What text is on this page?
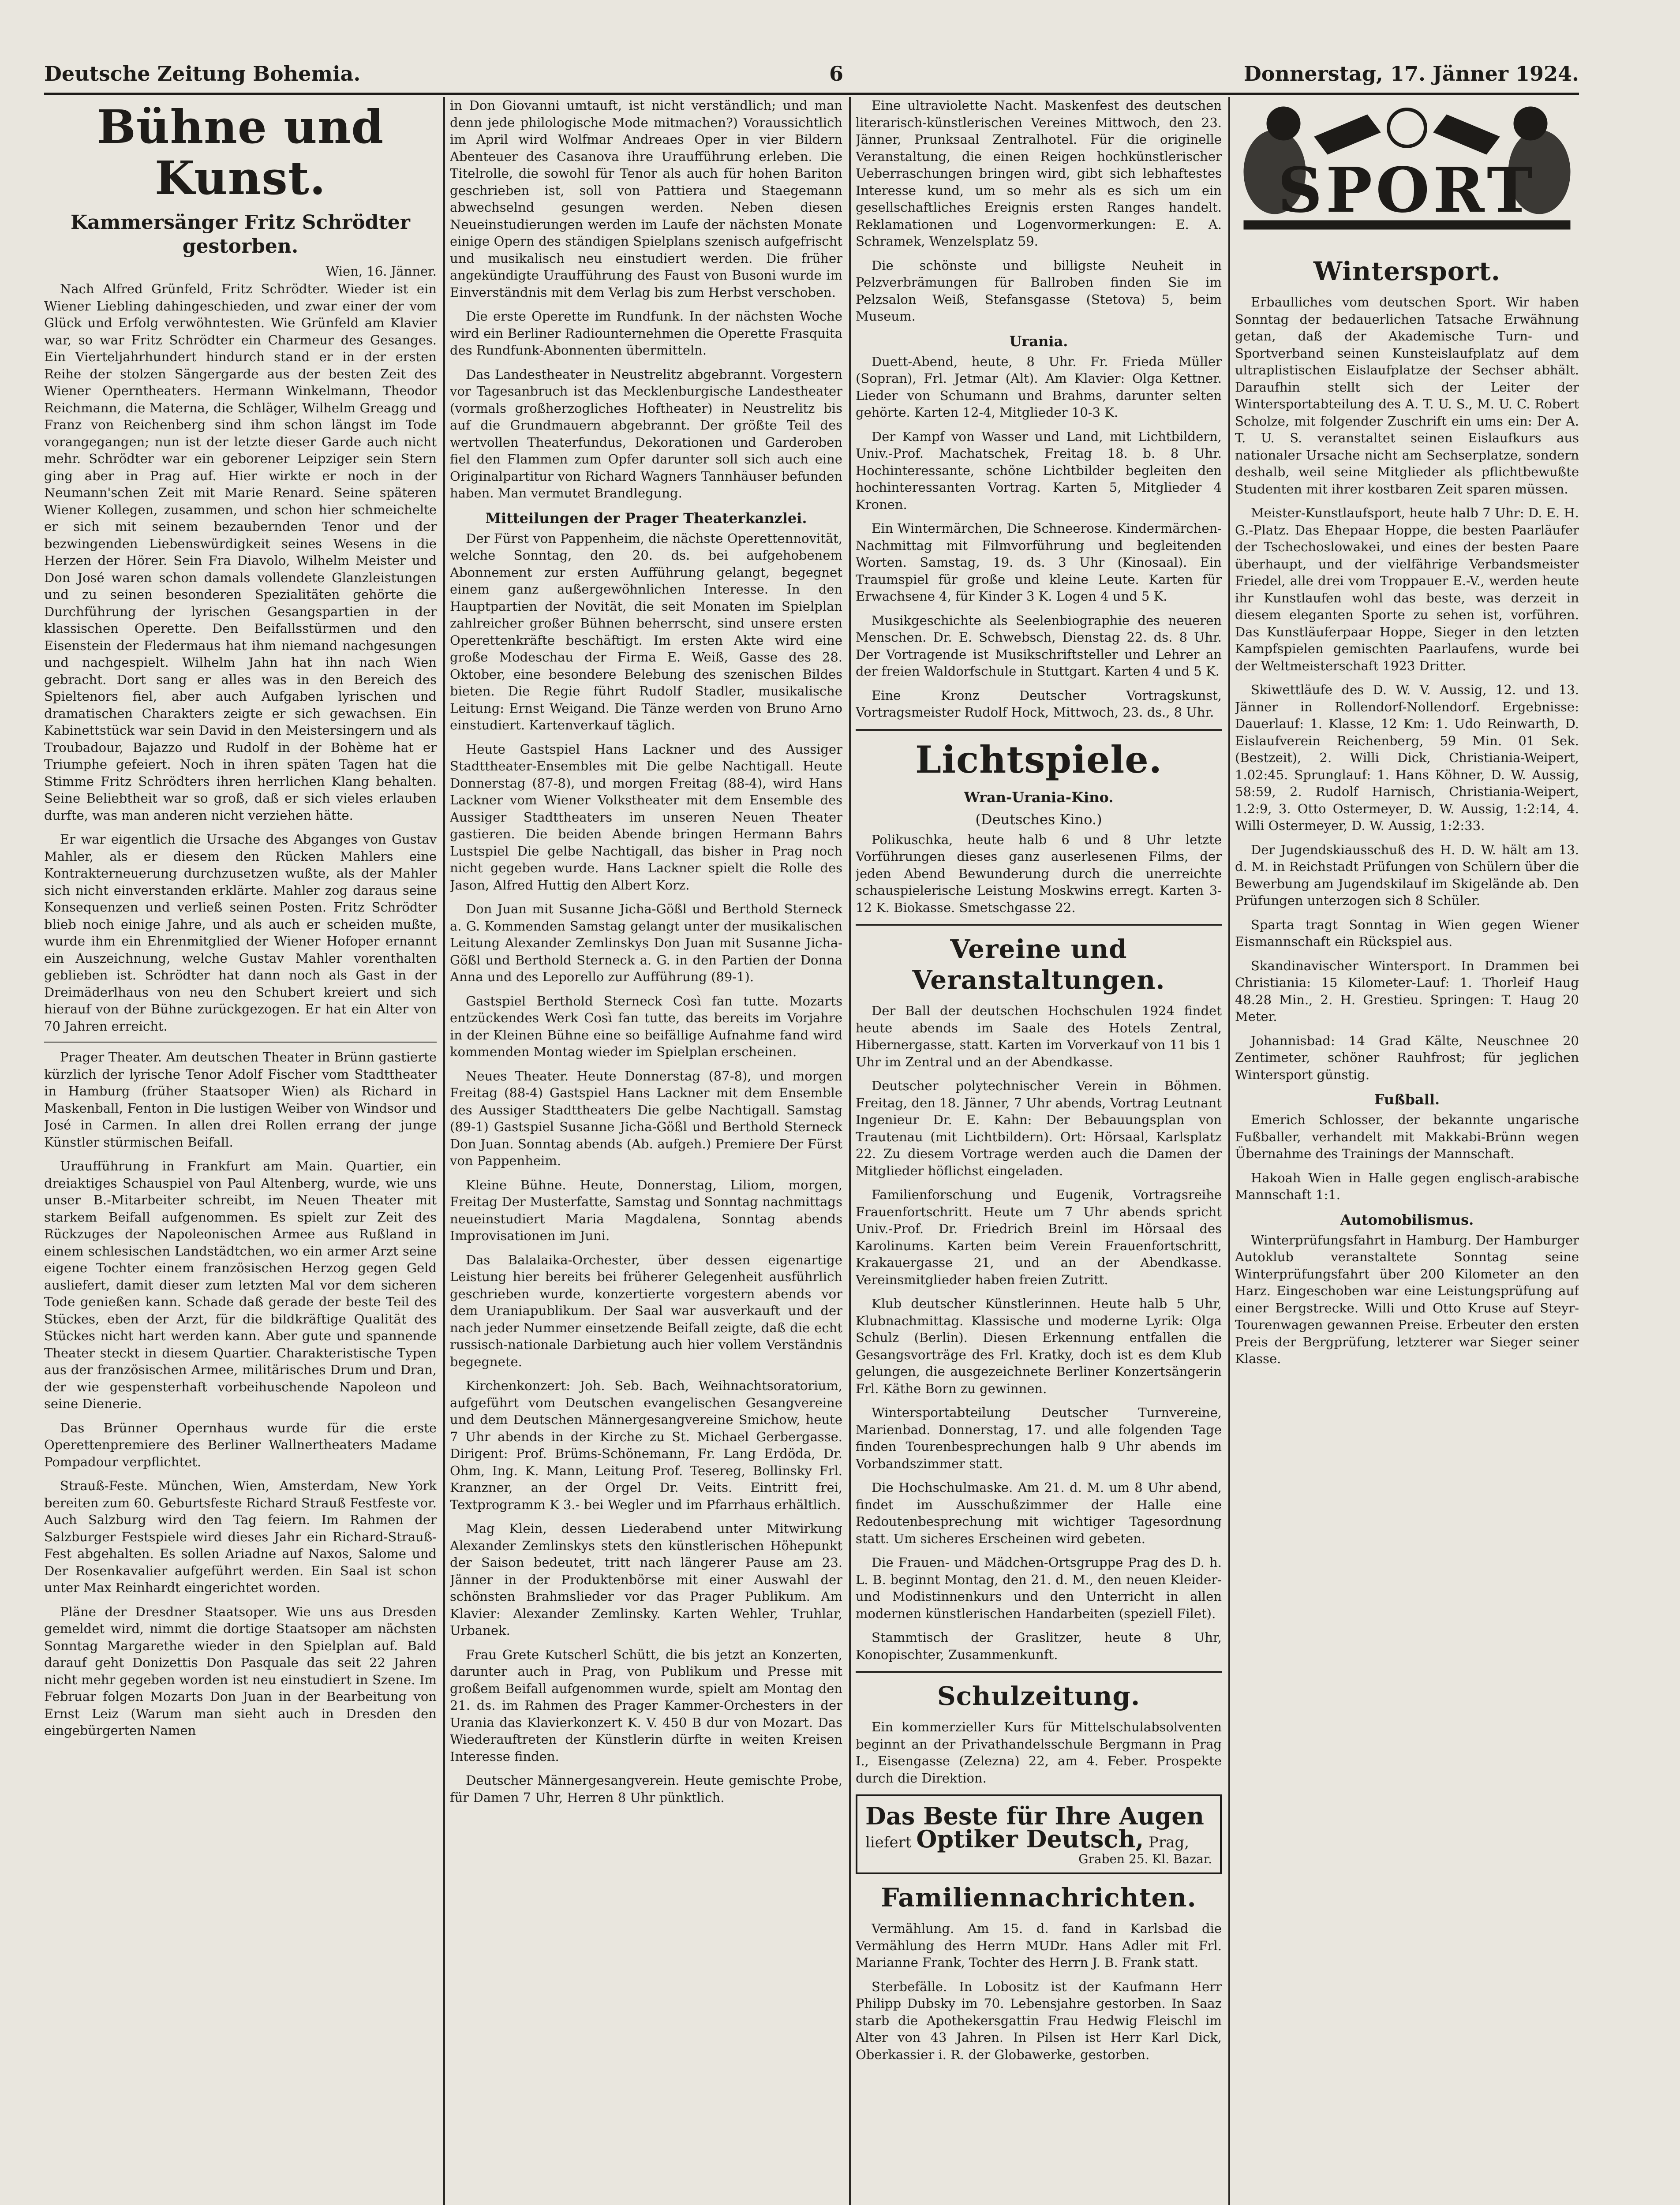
Deutsche Zeitung Bohemia.	6	Donnerstag, 17. Jänner 1924.
Bühne und Kunst.
Kammersänger Fritz Schrödter gestorben.
Wien, 16. Jänner.

Nach Alfred Grünfeld, Fritz Schrödter. Wieder ist ein Wiener Liebling dahingeschieden, und zwar einer der vom Glück und Erfolg verwöhntesten. Wie Grünfeld am Klavier war, so war Fritz Schrödter ein Charmeur des Gesanges. Ein Vierteljahrhundert hindurch stand er in der ersten Reihe der stolzen Sängergarde aus der besten Zeit des Wiener Operntheaters. Hermann Winkelmann, Theodor Reichmann, die Materna, die Schläger, Wilhelm Greagg und Franz von Reichenberg sind ihm schon längst im Tode vorangegangen; nun ist der letzte dieser Garde auch nicht mehr. Schrödter war ein geborener Leipziger sein Stern ging aber in Prag auf. Hier wirkte er noch in der Neumann'schen Zeit mit Marie Renard. Seine späteren Wiener Kollegen, zusammen, und schon hier schmeichelte er sich mit seinem bezaubernden Tenor und der bezwingenden Liebenswürdigkeit seines Wesens in die Herzen der Hörer. Sein Fra Diavolo, Wilhelm Meister und Don José waren schon damals vollendete Glanzleistungen und zu seinen besonderen Spezialitäten gehörte die Durchführung der lyrischen Gesangspartien in der klassischen Operette. Den Beifallsstürmen und den Eisenstein der Fledermaus hat ihm niemand nachgesungen und nachgespielt. Wilhelm Jahn hat ihn nach Wien gebracht. Dort sang er alles was in den Bereich des Spieltenors fiel, aber auch Aufgaben lyrischen und dramatischen Charakters zeigte er sich gewachsen. Ein Kabinettstück war sein David in den Meistersingern und als Troubadour, Bajazzo und Rudolf in der Bohème hat er Triumphe gefeiert. Noch in ihren späten Tagen hat die Stimme Fritz Schrödters ihren herrlichen Klang behalten. Seine Beliebtheit war so groß, daß er sich vieles erlauben durfte, was man anderen nicht verziehen hätte.

Er war eigentlich die Ursache des Abganges von Gustav Mahler, als er diesem den Rücken Mahlers eine Kontrakterneuerung durchzusetzen wußte, als der Mahler sich nicht einverstanden erklärte. Mahler zog daraus seine Konsequenzen und verließ seinen Posten. Fritz Schrödter blieb noch einige Jahre, und als auch er scheiden mußte, wurde ihm ein Ehrenmitglied der Wiener Hofoper ernannt ein Auszeichnung, welche Gustav Mahler vorenthalten geblieben ist. Schrödter hat dann noch als Gast in der Dreimäderlhaus von neu den Schubert kreiert und sich hierauf von der Bühne zurückgezogen. Er hat ein Alter von 70 Jahren erreicht.

Prager Theater. Am deutschen Theater in Brünn gastierte kürzlich der lyrische Tenor Adolf Fischer vom Stadttheater in Hamburg (früher Staatsoper Wien) als Richard in Maskenball, Fenton in Die lustigen Weiber von Windsor und José in Carmen. In allen drei Rollen errang der junge Künstler stürmischen Beifall.

Uraufführung in Frankfurt am Main. Quartier, ein dreiaktiges Schauspiel von Paul Altenberg, wurde, wie uns unser B.-Mitarbeiter schreibt, im Neuen Theater mit starkem Beifall aufgenommen. Es spielt zur Zeit des Rückzuges der Napoleonischen Armee aus Rußland in einem schlesischen Landstädtchen, wo ein armer Arzt seine eigene Tochter einem französischen Herzog gegen Geld ausliefert, damit dieser zum letzten Mal vor dem sicheren Tode genießen kann. Schade daß gerade der beste Teil des Stückes, eben der Arzt, für die bildkräftige Qualität des Stückes nicht hart werden kann. Aber gute und spannende Theater steckt in diesem Quartier. Charakteristische Typen aus der französischen Armee, militärisches Drum und Dran, der wie gespensterhaft vorbeihuschende Napoleon und seine Dienerie.

Das Brünner Opernhaus wurde für die erste Operettenpremiere des Berliner Wallnertheaters Madame Pompadour verpflichtet.

Strauß-Feste. München, Wien, Amsterdam, New York bereiten zum 60. Geburtsfeste Richard Strauß Festfeste vor. Auch Salzburg wird den Tag feiern. Im Rahmen der Salzburger Festspiele wird dieses Jahr ein Richard-Strauß-Fest abgehalten. Es sollen Ariadne auf Naxos, Salome und Der Rosenkavalier aufgeführt werden. Ein Saal ist schon unter Max Reinhardt eingerichtet worden.

Pläne der Dresdner Staatsoper. Wie uns aus Dresden gemeldet wird, nimmt die dortige Staatsoper am nächsten Sonntag Margarethe wieder in den Spielplan auf. Bald darauf geht Donizettis Don Pasquale das seit 22 Jahren nicht mehr gegeben worden ist neu einstudiert in Szene. Im Februar folgen Mozarts Don Juan in der Bearbeitung von Ernst Leiz (Warum man sieht auch in Dresden den eingebürgerten Namen

in Don Giovanni umtauft, ist nicht verständlich; und man denn jede philologische Mode mitmachen?) Voraussichtlich im April wird Wolfmar Andreaes Oper in vier Bildern Abenteuer des Casanova ihre Uraufführung erleben. Die Titelrolle, die sowohl für Tenor als auch für hohen Bariton geschrieben ist, soll von Pattiera und Staegemann abwechselnd gesungen werden. Neben diesen Neueinstudierungen werden im Laufe der nächsten Monate einige Opern des ständigen Spielplans szenisch aufgefrischt und musikalisch neu einstudiert werden. Die früher angekündigte Uraufführung des Faust von Busoni wurde im Einverständnis mit dem Verlag bis zum Herbst verschoben.

Die erste Operette im Rundfunk. In der nächsten Woche wird ein Berliner Radiounternehmen die Operette Frasquita des Rundfunk-Abonnenten übermitteln.

Das Landestheater in Neustrelitz abgebrannt. Vorgestern vor Tagesanbruch ist das Mecklenburgische Landestheater (vormals großherzogliches Hoftheater) in Neustrelitz bis auf die Grundmauern abgebrannt. Der größte Teil des wertvollen Theaterfundus, Dekorationen und Garderoben fiel den Flammen zum Opfer darunter soll sich auch eine Originalpartitur von Richard Wagners Tannhäuser befunden haben. Man vermutet Brandlegung.

Mitteilungen der Prager Theaterkanzlei.

Der Fürst von Pappenheim, die nächste Operettennovität, welche Sonntag, den 20. ds. bei aufgehobenem Abonnement zur ersten Aufführung gelangt, begegnet einem ganz außergewöhnlichen Interesse. In den Hauptpartien der Novität, die seit Monaten im Spielplan zahlreicher großer Bühnen beherrscht, sind unsere ersten Operettenkräfte beschäftigt. Im ersten Akte wird eine große Modeschau der Firma E. Weiß, Gasse des 28. Oktober, eine besondere Belebung des szenischen Bildes bieten. Die Regie führt Rudolf Stadler, musikalische Leitung: Ernst Weigand. Die Tänze werden von Bruno Arno einstudiert. Kartenverkauf täglich.

Heute Gastspiel Hans Lackner und des Aussiger Stadttheater-Ensembles mit Die gelbe Nachtigall. Heute Donnerstag (87-8), und morgen Freitag (88-4), wird Hans Lackner vom Wiener Volkstheater mit dem Ensemble des Aussiger Stadttheaters im unseren Neuen Theater gastieren. Die beiden Abende bringen Hermann Bahrs Lustspiel Die gelbe Nachtigall, das bisher in Prag noch nicht gegeben wurde. Hans Lackner spielt die Rolle des Jason, Alfred Huttig den Albert Korz.

Don Juan mit Susanne Jicha-Gößl und Berthold Sterneck a. G. Kommenden Samstag gelangt unter der musikalischen Leitung Alexander Zemlinskys Don Juan mit Susanne Jicha-Gößl und Berthold Sterneck a. G. in den Partien der Donna Anna und des Leporello zur Aufführung (89-1).

Gastspiel Berthold Sterneck Così fan tutte. Mozarts entzückendes Werk Così fan tutte, das bereits im Vorjahre in der Kleinen Bühne eine so beifällige Aufnahme fand wird kommenden Montag wieder im Spielplan erscheinen.

Neues Theater. Heute Donnerstag (87-8), und morgen Freitag (88-4) Gastspiel Hans Lackner mit dem Ensemble des Aussiger Stadttheaters Die gelbe Nachtigall. Samstag (89-1) Gastspiel Susanne Jicha-Gößl und Berthold Sterneck Don Juan. Sonntag abends (Ab. aufgeh.) Premiere Der Fürst von Pappenheim.

Kleine Bühne. Heute, Donnerstag, Liliom, morgen, Freitag Der Musterfatte, Samstag und Sonntag nachmittags neueinstudiert Maria Magdalena, Sonntag abends Improvisationen im Juni.

Das Balalaika-Orchester, über dessen eigenartige Leistung hier bereits bei früherer Gelegenheit ausführlich geschrieben wurde, konzertierte vorgestern abends vor dem Uraniapublikum. Der Saal war ausverkauft und der nach jeder Nummer einsetzende Beifall zeigte, daß die echt russisch-nationale Darbietung auch hier vollem Verständnis begegnete.

Kirchenkonzert: Joh. Seb. Bach, Weihnachtsoratorium, aufgeführt vom Deutschen evangelischen Gesangvereine und dem Deutschen Männergesangvereine Smichow, heute 7 Uhr abends in der Kirche zu St. Michael Gerbergasse. Dirigent: Prof. Brüms-Schönemann, Fr. Lang Erdöda, Dr. Ohm, Ing. K. Mann, Leitung Prof. Tesereg, Bollinsky Frl. Kranzner, an der Orgel Dr. Veits. Eintritt frei, Textprogramm K 3.- bei Wegler und im Pfarrhaus erhältlich.

Mag Klein, dessen Liederabend unter Mitwirkung Alexander Zemlinskys stets den künstlerischen Höhepunkt der Saison bedeutet, tritt nach längerer Pause am 23. Jänner in der Produktenbörse mit einer Auswahl der schönsten Brahmslieder vor das Prager Publikum. Am Klavier: Alexander Zemlinsky. Karten Wehler, Truhlar, Urbanek.

Frau Grete Kutscherl Schütt, die bis jetzt an Konzerten, darunter auch in Prag, von Publikum und Presse mit großem Beifall aufgenommen wurde, spielt am Montag den 21. ds. im Rahmen des Prager Kammer-Orchesters in der Urania das Klavierkonzert K. V. 450 B dur von Mozart. Das Wiederauftreten der Künstlerin dürfte in weiten Kreisen Interesse finden.

Deutscher Männergesangverein. Heute gemischte Probe, für Damen 7 Uhr, Herren 8 Uhr pünktlich.

Eine ultraviolette Nacht. Maskenfest des deutschen literarisch-künstlerischen Vereines Mittwoch, den 23. Jänner, Prunksaal Zentralhotel. Für die originelle Veranstaltung, die einen Reigen hochkünstlerischer Ueberraschungen bringen wird, gibt sich lebhaftestes Interesse kund, um so mehr als es sich um ein gesellschaftliches Ereignis ersten Ranges handelt. Reklamationen und Logenvormerkungen: E. A. Schramek, Wenzelsplatz 59.

Die schönste und billigste Neuheit in Pelzverbrämungen für Ballroben finden Sie im Pelzsalon Weiß, Stefansgasse (Stetova) 5, beim Museum.

Urania.

Duett-Abend, heute, 8 Uhr. Fr. Frieda Müller (Sopran), Frl. Jetmar (Alt). Am Klavier: Olga Kettner. Lieder von Schumann und Brahms, darunter selten gehörte. Karten 12-4, Mitglieder 10-3 K.

Der Kampf von Wasser und Land, mit Lichtbildern, Univ.-Prof. Machatschek, Freitag 18. b. 8 Uhr. Hochinteressante, schöne Lichtbilder begleiten den hochinteressanten Vortrag. Karten 5, Mitglieder 4 Kronen.

Ein Wintermärchen, Die Schneerose. Kindermärchen-Nachmittag mit Filmvorführung und begleitenden Worten. Samstag, 19. ds. 3 Uhr (Kinosaal). Ein Traumspiel für große und kleine Leute. Karten für Erwachsene 4, für Kinder 3 K. Logen 4 und 5 K.

Musikgeschichte als Seelenbiographie des neueren Menschen. Dr. E. Schwebsch, Dienstag 22. ds. 8 Uhr. Der Vortragende ist Musikschriftsteller und Lehrer an der freien Waldorfschule in Stuttgart. Karten 4 und 5 K.

Eine Kronz Deutscher Vortragskunst, Vortragsmeister Rudolf Hock, Mittwoch, 23. ds., 8 Uhr.

Lichtspiele.
Wran-Urania-Kino.
(Deutsches Kino.)

Polikuschka, heute halb 6 und 8 Uhr letzte Vorführungen dieses ganz auserlesenen Films, der jeden Abend Bewunderung durch die unerreichte schauspielerische Leistung Moskwins erregt. Karten 3-12 K. Biokasse. Smetschgasse 22.

Vereine und Veranstaltungen.

Der Ball der deutschen Hochschulen 1924 findet heute abends im Saale des Hotels Zentral, Hibernergasse, statt. Karten im Vorverkauf von 11 bis 1 Uhr im Zentral und an der Abendkasse.

Deutscher polytechnischer Verein in Böhmen. Freitag, den 18. Jänner, 7 Uhr abends, Vortrag Leutnant Ingenieur Dr. E. Kahn: Der Bebauungsplan von Trautenau (mit Lichtbildern). Ort: Hörsaal, Karlsplatz 22. Zu diesem Vortrage werden auch die Damen der Mitglieder höflichst eingeladen.

Familienforschung und Eugenik, Vortragsreihe Frauenfortschritt. Heute um 7 Uhr abends spricht Univ.-Prof. Dr. Friedrich Breinl im Hörsaal des Karolinums. Karten beim Verein Frauenfortschritt, Krakauergasse 21, und an der Abendkasse. Vereinsmitglieder haben freien Zutritt.

Klub deutscher Künstlerinnen. Heute halb 5 Uhr, Klubnachmittag. Klassische und moderne Lyrik: Olga Schulz (Berlin). Diesen Erkennung entfallen die Gesangsvorträge des Frl. Kratky, doch ist es dem Klub gelungen, die ausgezeichnete Berliner Konzertsängerin Frl. Käthe Born zu gewinnen.

Wintersportabteilung Deutscher Turnvereine, Marienbad. Donnerstag, 17. und alle folgenden Tage finden Tourenbesprechungen halb 9 Uhr abends im Vorbandszimmer statt.

Die Hochschulmaske. Am 21. d. M. um 8 Uhr abend, findet im Ausschußzimmer der Halle eine Redoutenbesprechung mit wichtiger Tagesordnung statt. Um sicheres Erscheinen wird gebeten.

Die Frauen- und Mädchen-Ortsgruppe Prag des D. h. L. B. beginnt Montag, den 21. d. M., den neuen Kleider- und Modistinnenkurs und den Unterricht in allen modernen künstlerischen Handarbeiten (speziell Filet).

Stammtisch der Graslitzer, heute 8 Uhr, Konopischter, Zusammenkunft.

Schulzeitung.

Ein kommerzieller Kurs für Mittelschulabsolventen beginnt an der Privathandelsschule Bergmann in Prag I., Eisengasse (Zelezna) 22, am 4. Feber. Prospekte durch die Direktion.

Das Beste für Ihre Augen
liefert Optiker Deutsch, Prag,
Graben 25. Kl. Bazar.
Familiennachrichten.

Vermählung. Am 15. d. fand in Karlsbad die Vermählung des Herrn MUDr. Hans Adler mit Frl. Marianne Frank, Tochter des Herrn J. B. Frank statt.

Sterbefälle. In Lobositz ist der Kaufmann Herr Philipp Dubsky im 70. Lebensjahre gestorben. In Saaz starb die Apothekersgattin Frau Hedwig Fleischl im Alter von 43 Jahren. In Pilsen ist Herr Karl Dick, Oberkassier i. R. der Globawerke, gestorben.

SPORT
Wintersport.

Erbaulliches vom deutschen Sport. Wir haben Sonntag der bedauerlichen Tatsache Erwähnung getan, daß der Akademische Turn- und Sportverband seinen Kunsteislaufplatz auf dem ultraplistischen Eislaufplatze der Sechser abhält. Daraufhin stellt sich der Leiter der Wintersportabteilung des A. T. U. S., M. U. C. Robert Scholze, mit folgender Zuschrift ein ums ein: Der A. T. U. S. veranstaltet seinen Eislaufkurs aus nationaler Ursache nicht am Sechserplatze, sondern deshalb, weil seine Mitglieder als pflichtbewußte Studenten mit ihrer kostbaren Zeit sparen müssen.

Meister-Kunstlaufsport, heute halb 7 Uhr: D. E. H. G.-Platz. Das Ehepaar Hoppe, die besten Paarläufer der Tschechoslowakei, und eines der besten Paare überhaupt, und der vielfährige Verbandsmeister Friedel, alle drei vom Troppauer E.-V., werden heute ihr Kunstlaufen wohl das beste, was derzeit in diesem eleganten Sporte zu sehen ist, vorführen. Das Kunstläuferpaar Hoppe, Sieger in den letzten Kampfspielen gemischten Paarlaufens, wurde bei der Weltmeisterschaft 1923 Dritter.

Skiwettläufe des D. W. V. Aussig, 12. und 13. Jänner in Rollendorf-Nollendorf. Ergebnisse: Dauerlauf: 1. Klasse, 12 Km: 1. Udo Reinwarth, D. Eislaufverein Reichenberg, 59 Min. 01 Sek. (Bestzeit), 2. Willi Dick, Christiania-Weipert, 1.02:45. Sprunglauf: 1. Hans Köhner, D. W. Aussig, 58:59, 2. Rudolf Harnisch, Christiania-Weipert, 1.2:9, 3. Otto Ostermeyer, D. W. Aussig, 1:2:14, 4. Willi Ostermeyer, D. W. Aussig, 1:2:33.

Der Jugendskiausschuß des H. D. W. hält am 13. d. M. in Reichstadt Prüfungen von Schülern über die Bewerbung am Jugendskilauf im Skigelände ab. Den Prüfungen unterzogen sich 8 Schüler.

Sparta tragt Sonntag in Wien gegen Wiener Eismannschaft ein Rückspiel aus.

Skandinavischer Wintersport. In Drammen bei Christiania: 15 Kilometer-Lauf: 1. Thorleif Haug 48.28 Min., 2. H. Grestieu. Springen: T. Haug 20 Meter.

Johannisbad: 14 Grad Kälte, Neuschnee 20 Zentimeter, schöner Rauhfrost; für jeglichen Wintersport günstig.

Fußball.

Emerich Schlosser, der bekannte ungarische Fußballer, verhandelt mit Makkabi-Brünn wegen Übernahme des Trainings der Mannschaft.

Hakoah Wien in Halle gegen englisch-arabische Mannschaft 1:1.

Automobilismus.

Winterprüfungsfahrt in Hamburg. Der Hamburger Autoklub veranstaltete Sonntag seine Winterprüfungsfahrt über 200 Kilometer an den Harz. Eingeschoben war eine Leistungsprüfung auf einer Bergstrecke. Willi und Otto Kruse auf Steyr-Tourenwagen gewannen Preise. Erbeuter den ersten Preis der Bergprüfung, letzterer war Sieger seiner Klasse.
